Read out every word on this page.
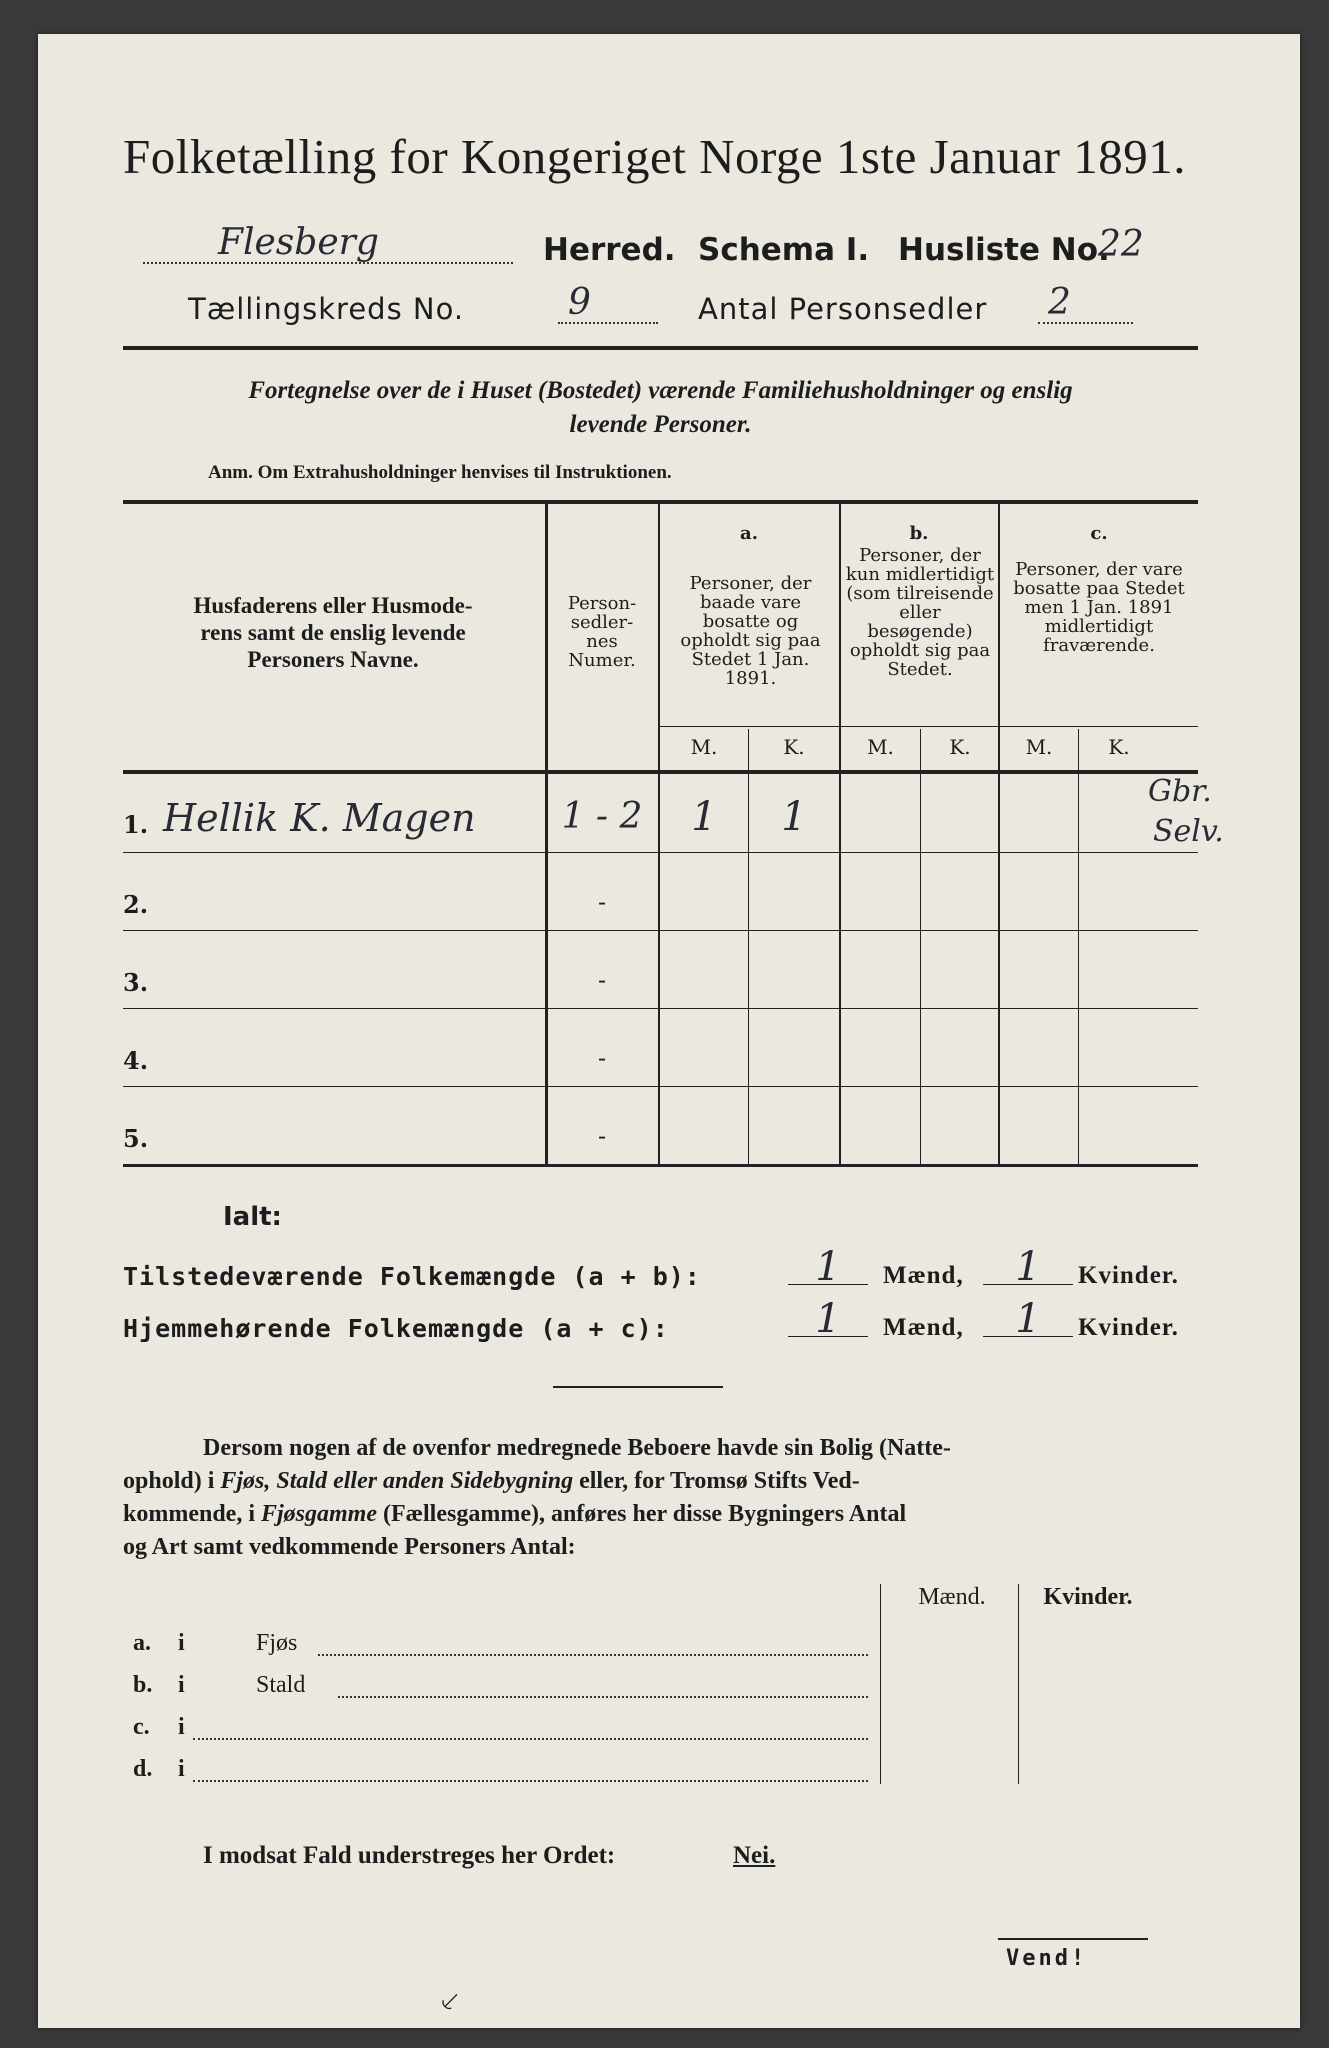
Folketælling for Kongeriget Norge 1ste Januar 1891.
Flesberg	Herred. Schema I. Husliste No.
22
Tællingskreds No.	9	Antal Personsedler 2
Fortegnelse over de i Huset (Bostedet) værende Familiehusholdninger og enslig
levende Personer.
Anm. Om Extrahusholdninger henvises til Instruktionen.
Husfaderens eller Husmode-
rens samt de enslig levende
Personers Navne.
Person-
sedler-
nes
Numer.
a.
Personer, der baade vare bosatte og opholdt sig paa Stedet 1 Jan. 1891.
b.
Personer, der kun midlertidigt (som tilreisende eller besøgende) opholdt sig paa Stedet.
c.
Personer, der vare bosatte paa Stedet men 1 Jan. 1891 midlertidigt fraværende.
M.	K.	M.	K.	M.	K.
1. Hellik K. Magen	1 - 2	1	1
Gbr.
Selv.
2.	-
3.	-
4.	-
5.	-
Ialt:
Tilstedeværende Folkemængde (a + b):	1	Mænd,	1	Kvinder.
Hjemmehørende Folkemængde (a + c):	1	Mænd,	1	Kvinder.
Dersom nogen af de ovenfor medregnede Beboere havde sin Bolig (Natte-
ophold) i Fjøs, Stald eller anden Sidebygning eller, for Tromsø Stifts Ved-
kommende, i Fjøsgamme (Fællesgamme), anføres her disse Bygningers Antal
og Art samt vedkommende Personers Antal:
Mænd.	Kvinder.
a. i	Fjøs
b. i	Stald
c. i
d. i
I modsat Fald understreges her Ordet:	Nei.
Vend!
⸔
